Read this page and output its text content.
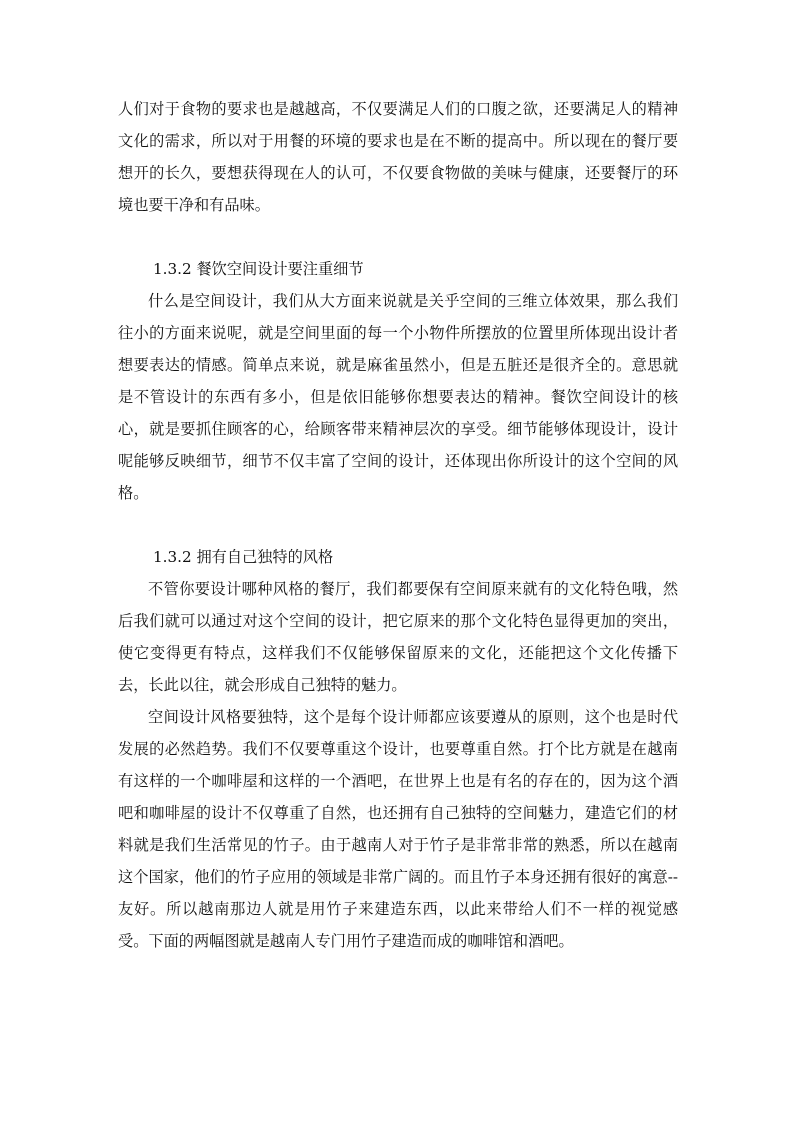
人们对于食物的要求也是越越高，不仅要满足人们的口腹之欲，还要满足人的精神文化的需求，所以对于用餐的环境的要求也是在不断的提高中。所以现在的餐厅要想开的长久，要想获得现在人的认可，不仅要食物做的美味与健康，还要餐厅的环境也要干净和有品味。

1.3.2 餐饮空间设计要注重细节

什么是空间设计，我们从大方面来说就是关乎空间的三维立体效果，那么我们往小的方面来说呢，就是空间里面的每一个小物件所摆放的位置里所体现出设计者想要表达的情感。简单点来说，就是麻雀虽然小，但是五脏还是很齐全的。意思就是不管设计的东西有多小，但是依旧能够你想要表达的精神。餐饮空间设计的核心，就是要抓住顾客的心，给顾客带来精神层次的享受。细节能够体现设计，设计呢能够反映细节，细节不仅丰富了空间的设计，还体现出你所设计的这个空间的风格。

1.3.2 拥有自己独特的风格

不管你要设计哪种风格的餐厅，我们都要保有空间原来就有的文化特色哦，然后我们就可以通过对这个空间的设计，把它原来的那个文化特色显得更加的突出，使它变得更有特点，这样我们不仅能够保留原来的文化，还能把这个文化传播下去，长此以往，就会形成自己独特的魅力。

空间设计风格要独特，这个是每个设计师都应该要遵从的原则，这个也是时代发展的必然趋势。我们不仅要尊重这个设计，也要尊重自然。打个比方就是在越南有这样的一个咖啡屋和这样的一个酒吧，在世界上也是有名的存在的，因为这个酒吧和咖啡屋的设计不仅尊重了自然，也还拥有自己独特的空间魅力，建造它们的材料就是我们生活常见的竹子。由于越南人对于竹子是非常非常的熟悉，所以在越南这个国家，他们的竹子应用的领域是非常广阔的。而且竹子本身还拥有很好的寓意--友好。所以越南那边人就是用竹子来建造东西，以此来带给人们不一样的视觉感受。下面的两幅图就是越南人专门用竹子建造而成的咖啡馆和酒吧。
